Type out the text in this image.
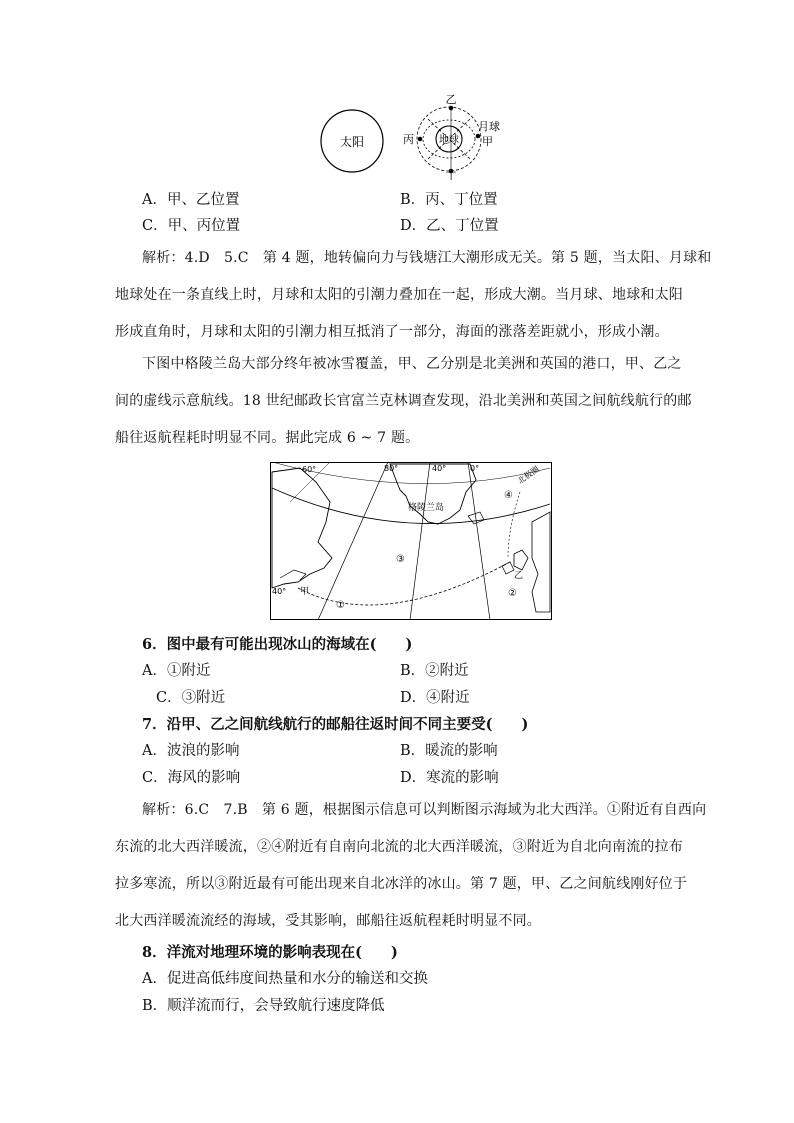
太阳	地球
乙
丙
月球
甲
丁
A．甲、乙位置	B．丙、丁位置
C．甲、丙位置	D．乙、丁位置
解析：4.D　5.C　第 4 题，地转偏向力与钱塘江大潮形成无关。第 5 题，当太阳、月球和
地球处在一条直线上时，月球和太阳的引潮力叠加在一起，形成大潮。当月球、地球和太阳
形成直角时，月球和太阳的引潮力相互抵消了一部分，海面的涨落差距就小，形成小潮。
下图中格陵兰岛大部分终年被冰雪覆盖，甲、乙分别是北美洲和英国的港口，甲、乙之
间的虚线示意航线。18 世纪邮政长官富兰克林调查发现，沿北美洲和英国之间航线航行的邮
船往返航程耗时明显不同。据此完成 6 ~ 7 题。
60°	80°	40°	0°
40°
北极圈
格陵兰岛
甲
乙
①
②
③
④
6．图中最有可能出现冰山的海域在(　　)
A．①附近	B．②附近
C．③附近	D．④附近
7．沿甲、乙之间航线航行的邮船往返时间不同主要受(　　)
A．波浪的影响	B．暖流的影响
C．海风的影响	D．寒流的影响
解析：6.C　7.B　第 6 题，根据图示信息可以判断图示海域为北大西洋。①附近有自西向
东流的北大西洋暖流，②④附近有自南向北流的北大西洋暖流，③附近为自北向南流的拉布
拉多寒流，所以③附近最有可能出现来自北冰洋的冰山。第 7 题，甲、乙之间航线刚好位于
北大西洋暖流流经的海域，受其影响，邮船往返航程耗时明显不同。
8．洋流对地理环境的影响表现在(　　)
A．促进高低纬度间热量和水分的输送和交换
B．顺洋流而行，会导致航行速度降低
